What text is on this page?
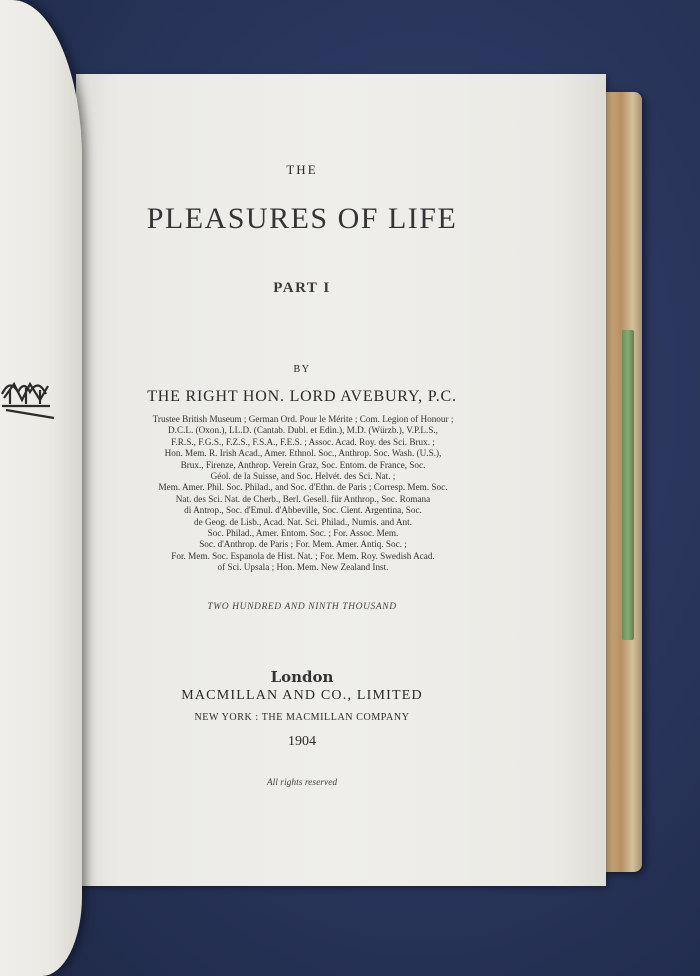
THE
PLEASURES OF LIFE
PART I
BY
THE RIGHT HON. LORD AVEBURY, P.C.
Trustee British Museum ; German Ord. Pour le Mérite ; Com. Legion of Honour ;
D.C.L. (Oxon.), LL.D. (Cantab. Dubl. et Edin.), M.D. (Würzb.), V.P.L.S.,
F.R.S., F.G.S., F.Z.S., F.S.A., F.E.S. ; Assoc. Acad. Roy. des Sci. Brux. ;
Hon. Mem. R. Irish Acad., Amer. Ethnol. Soc., Anthrop. Soc. Wash. (U.S.),
Brux., Firenze, Anthrop. Verein Graz, Soc. Entom. de France, Soc.
Géol. de la Suisse, and Soc. Helvét. des Sci. Nat. ;
Mem. Amer. Phil. Soc. Philad., and Soc. d'Ethn. de Paris ; Corresp. Mem. Soc.
Nat. des Sci. Nat. de Cherb., Berl. Gesell. für Anthrop., Soc. Romana
di Antrop., Soc. d'Emul. d'Abbeville, Soc. Cient. Argentina, Soc.
de Geog. de Lisb., Acad. Nat. Sci. Philad., Numis. and Ant.
Soc. Philad., Amer. Entom. Soc. ; For. Assoc. Mem.
Soc. d'Anthrop. de Paris ; For. Mem. Amer. Antiq. Soc. ;
For. Mem. Soc. Espanola de Hist. Nat. ; For. Mem. Roy. Swedish Acad.
of Sci. Upsala ; Hon. Mem. New Zealand Inst.
TWO HUNDRED AND NINTH THOUSAND
London
MACMILLAN AND CO., LIMITED
NEW YORK : THE MACMILLAN COMPANY
1904
All rights reserved
